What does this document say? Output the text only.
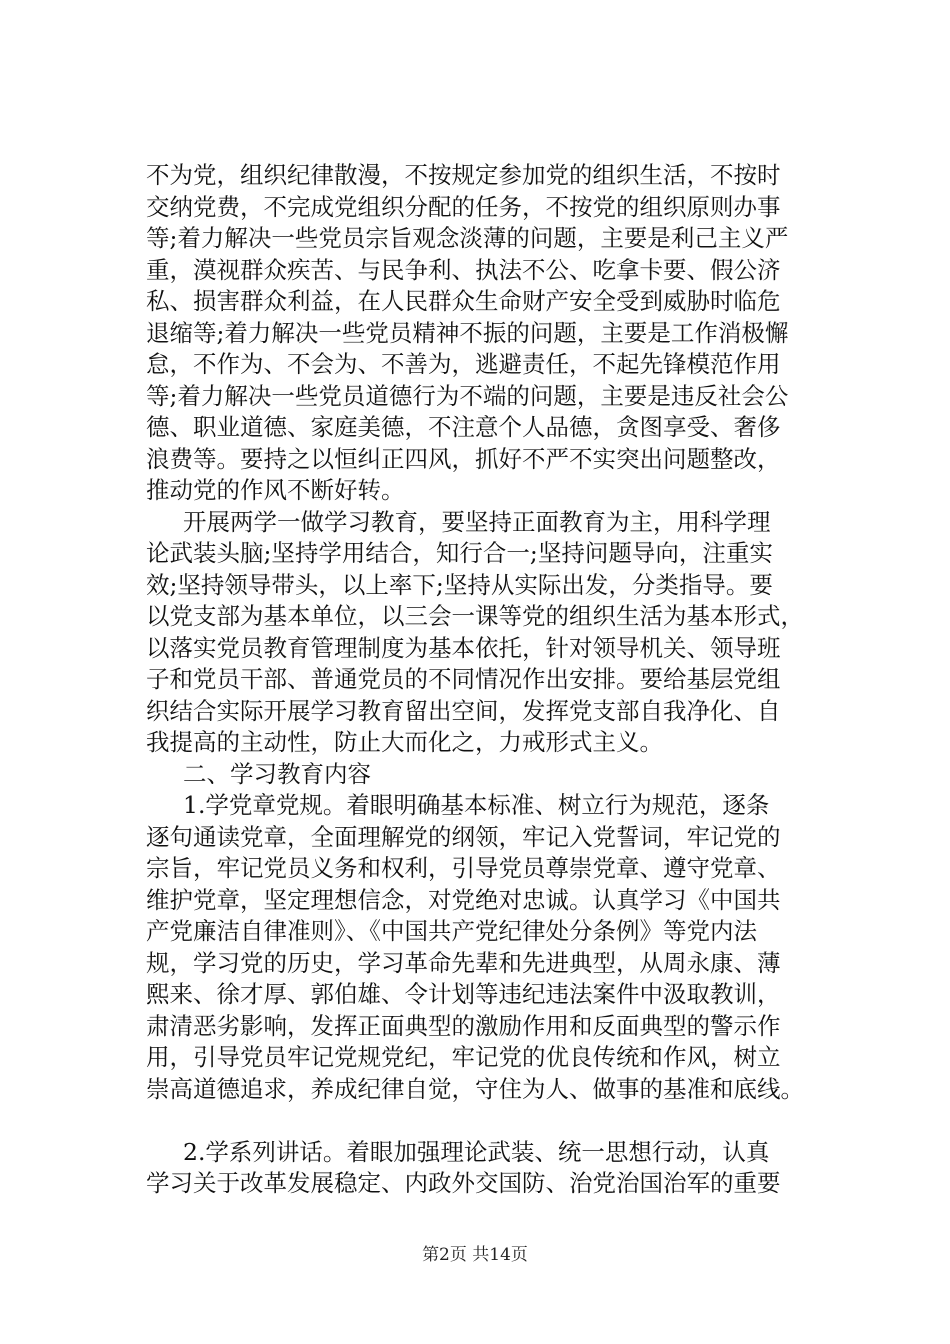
不为党，组织纪律散漫，不按规定参加党的组织生活，不按时
交纳党费，不完成党组织分配的任务，不按党的组织原则办事
等;着力解决一些党员宗旨观念淡薄的问题，主要是利己主义严
重，漠视群众疾苦、与民争利、执法不公、吃拿卡要、假公济
私、损害群众利益，在人民群众生命财产安全受到威胁时临危
退缩等;着力解决一些党员精神不振的问题，主要是工作消极懈
怠，不作为、不会为、不善为，逃避责任，不起先锋模范作用
等;着力解决一些党员道德行为不端的问题，主要是违反社会公
德、职业道德、家庭美德，不注意个人品德，贪图享受、奢侈
浪费等。要持之以恒纠正四风，抓好不严不实突出问题整改，
推动党的作风不断好转。
开展两学一做学习教育，要坚持正面教育为主，用科学理
论武装头脑;坚持学用结合，知行合一;坚持问题导向，注重实
效;坚持领导带头，以上率下;坚持从实际出发，分类指导。要
以党支部为基本单位，以三会一课等党的组织生活为基本形式，
以落实党员教育管理制度为基本依托，针对领导机关、领导班
子和党员干部、普通党员的不同情况作出安排。要给基层党组
织结合实际开展学习教育留出空间，发挥党支部自我净化、自
我提高的主动性，防止大而化之，力戒形式主义。
二、学习教育内容
1.学党章党规。着眼明确基本标准、树立行为规范，逐条
逐句通读党章，全面理解党的纲领，牢记入党誓词，牢记党的
宗旨，牢记党员义务和权利，引导党员尊崇党章、遵守党章、
维护党章，坚定理想信念，对党绝对忠诚。认真学习《中国共
产党廉洁自律准则》、《中国共产党纪律处分条例》等党内法
规，学习党的历史，学习革命先辈和先进典型，从周永康、薄
熙来、徐才厚、郭伯雄、令计划等违纪违法案件中汲取教训，
肃清恶劣影响，发挥正面典型的激励作用和反面典型的警示作
用，引导党员牢记党规党纪，牢记党的优良传统和作风，树立
崇高道德追求，养成纪律自觉，守住为人、做事的基准和底线。
2.学系列讲话。着眼加强理论武装、统一思想行动，认真
学习关于改革发展稳定、内政外交国防、治党治国治军的重要
第2页 共14页
